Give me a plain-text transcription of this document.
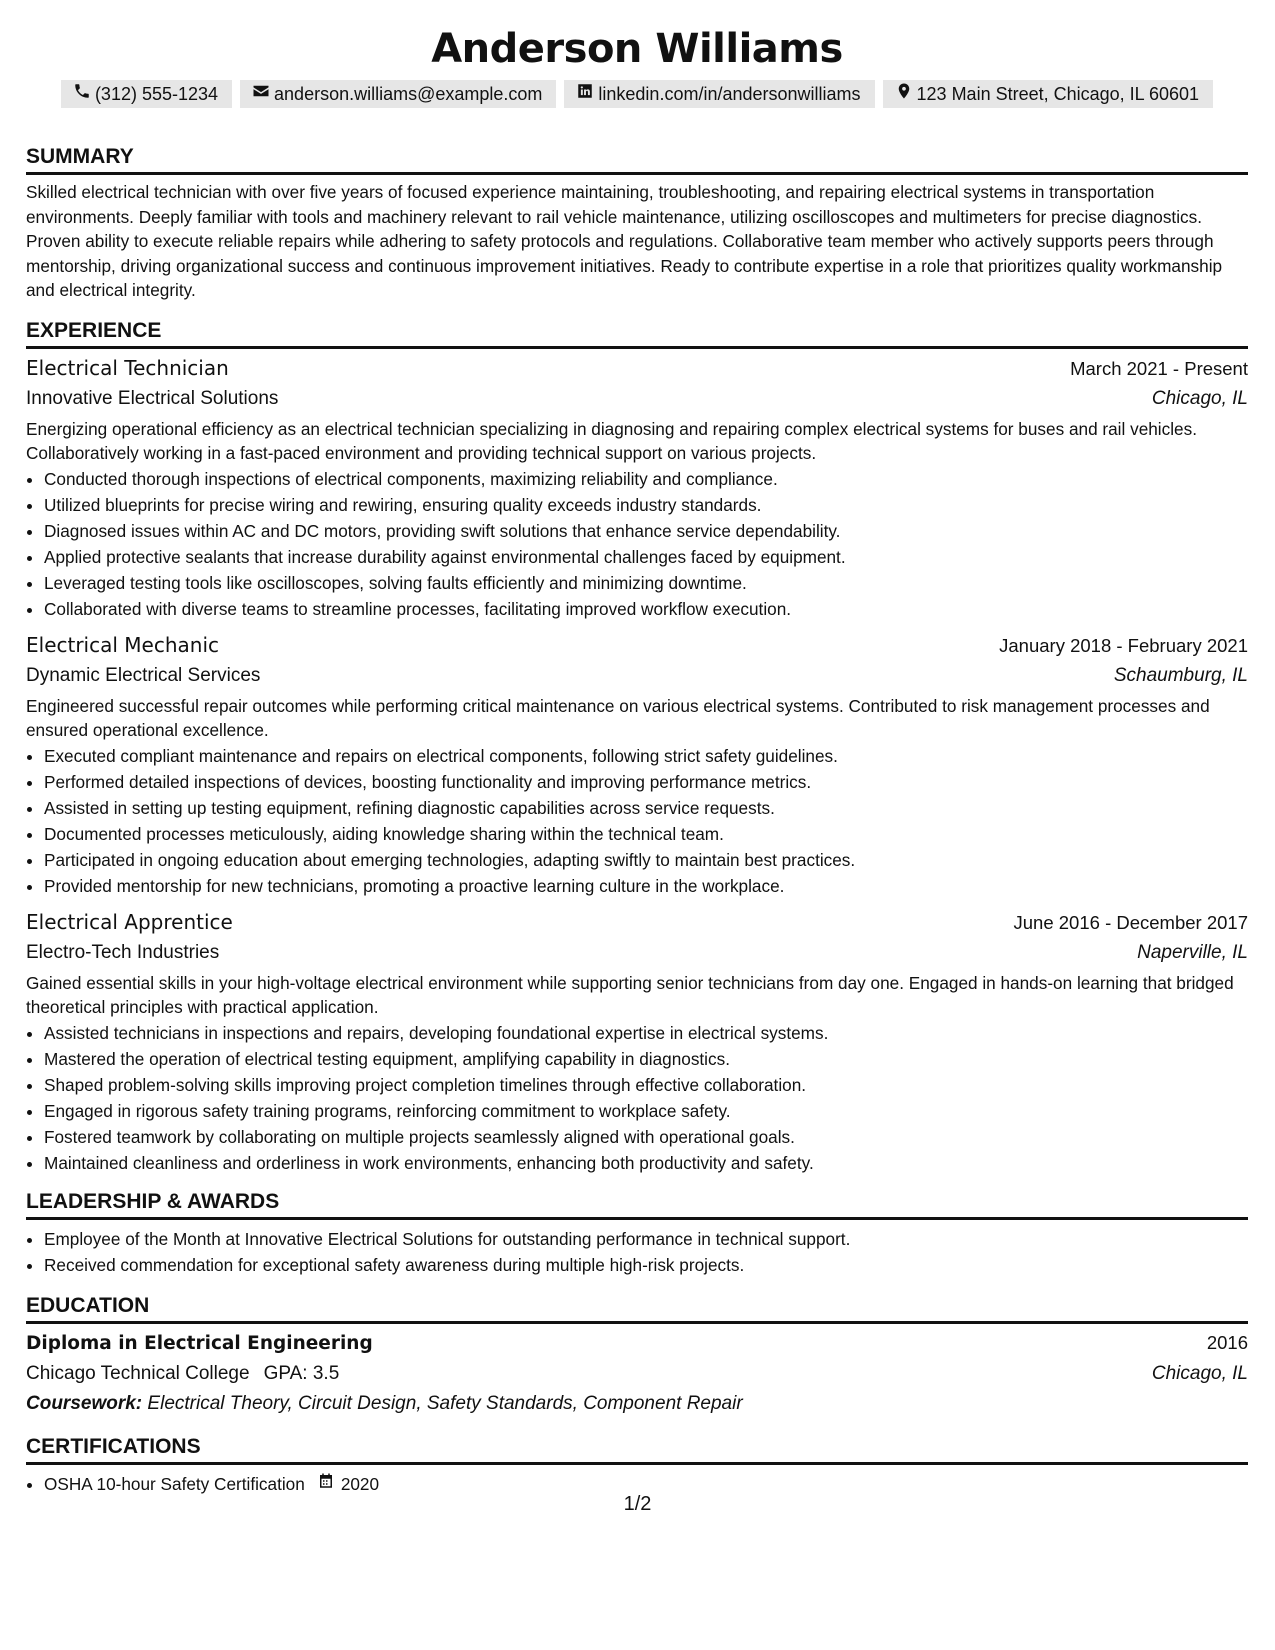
Anderson Williams
(312) 555-1234	anderson.williams@example.com	linkedin.com/in/andersonwilliams	123 Main Street, Chicago, IL 60601
SUMMARY

Skilled electrical technician with over five years of focused experience maintaining, troubleshooting, and repairing electrical systems in transportation environments. Deeply familiar with tools and machinery relevant to rail vehicle maintenance, utilizing oscilloscopes and multimeters for precise diagnostics. Proven ability to execute reliable repairs while adhering to safety protocols and regulations. Collaborative team member who actively supports peers through mentorship, driving organizational success and continuous improvement initiatives. Ready to contribute expertise in a role that prioritizes quality workmanship and electrical integrity.

EXPERIENCE
Electrical Technician	March 2021 - Present
Innovative Electrical Solutions	Chicago, IL

Energizing operational efficiency as an electrical technician specializing in diagnosing and repairing complex electrical systems for buses and rail vehicles. Collaboratively working in a fast-paced environment and providing technical support on various projects.

• Conducted thorough inspections of electrical components, maximizing reliability and compliance.
• Utilized blueprints for precise wiring and rewiring, ensuring quality exceeds industry standards.
• Diagnosed issues within AC and DC motors, providing swift solutions that enhance service dependability.
• Applied protective sealants that increase durability against environmental challenges faced by equipment.
• Leveraged testing tools like oscilloscopes, solving faults efficiently and minimizing downtime.
• Collaborated with diverse teams to streamline processes, facilitating improved workflow execution.
Electrical Mechanic	January 2018 - February 2021
Dynamic Electrical Services	Schaumburg, IL

Engineered successful repair outcomes while performing critical maintenance on various electrical systems. Contributed to risk management processes and ensured operational excellence.

• Executed compliant maintenance and repairs on electrical components, following strict safety guidelines.
• Performed detailed inspections of devices, boosting functionality and improving performance metrics.
• Assisted in setting up testing equipment, refining diagnostic capabilities across service requests.
• Documented processes meticulously, aiding knowledge sharing within the technical team.
• Participated in ongoing education about emerging technologies, adapting swiftly to maintain best practices.
• Provided mentorship for new technicians, promoting a proactive learning culture in the workplace.
Electrical Apprentice	June 2016 - December 2017
Electro-Tech Industries	Naperville, IL

Gained essential skills in your high-voltage electrical environment while supporting senior technicians from day one. Engaged in hands-on learning that bridged theoretical principles with practical application.

• Assisted technicians in inspections and repairs, developing foundational expertise in electrical systems.
• Mastered the operation of electrical testing equipment, amplifying capability in diagnostics.
• Shaped problem-solving skills improving project completion timelines through effective collaboration.
• Engaged in rigorous safety training programs, reinforcing commitment to workplace safety.
• Fostered teamwork by collaborating on multiple projects seamlessly aligned with operational goals.
• Maintained cleanliness and orderliness in work environments, enhancing both productivity and safety.
LEADERSHIP & AWARDS
• Employee of the Month at Innovative Electrical Solutions for outstanding performance in technical support.
• Received commendation for exceptional safety awareness during multiple high-risk projects.
EDUCATION
Diploma in Electrical Engineering	2016
Chicago Technical College GPA: 3.5	Chicago, IL
Coursework: Electrical Theory, Circuit Design, Safety Standards, Component Repair
CERTIFICATIONS
• OSHA 10-hour Safety Certification 2020
1/2
